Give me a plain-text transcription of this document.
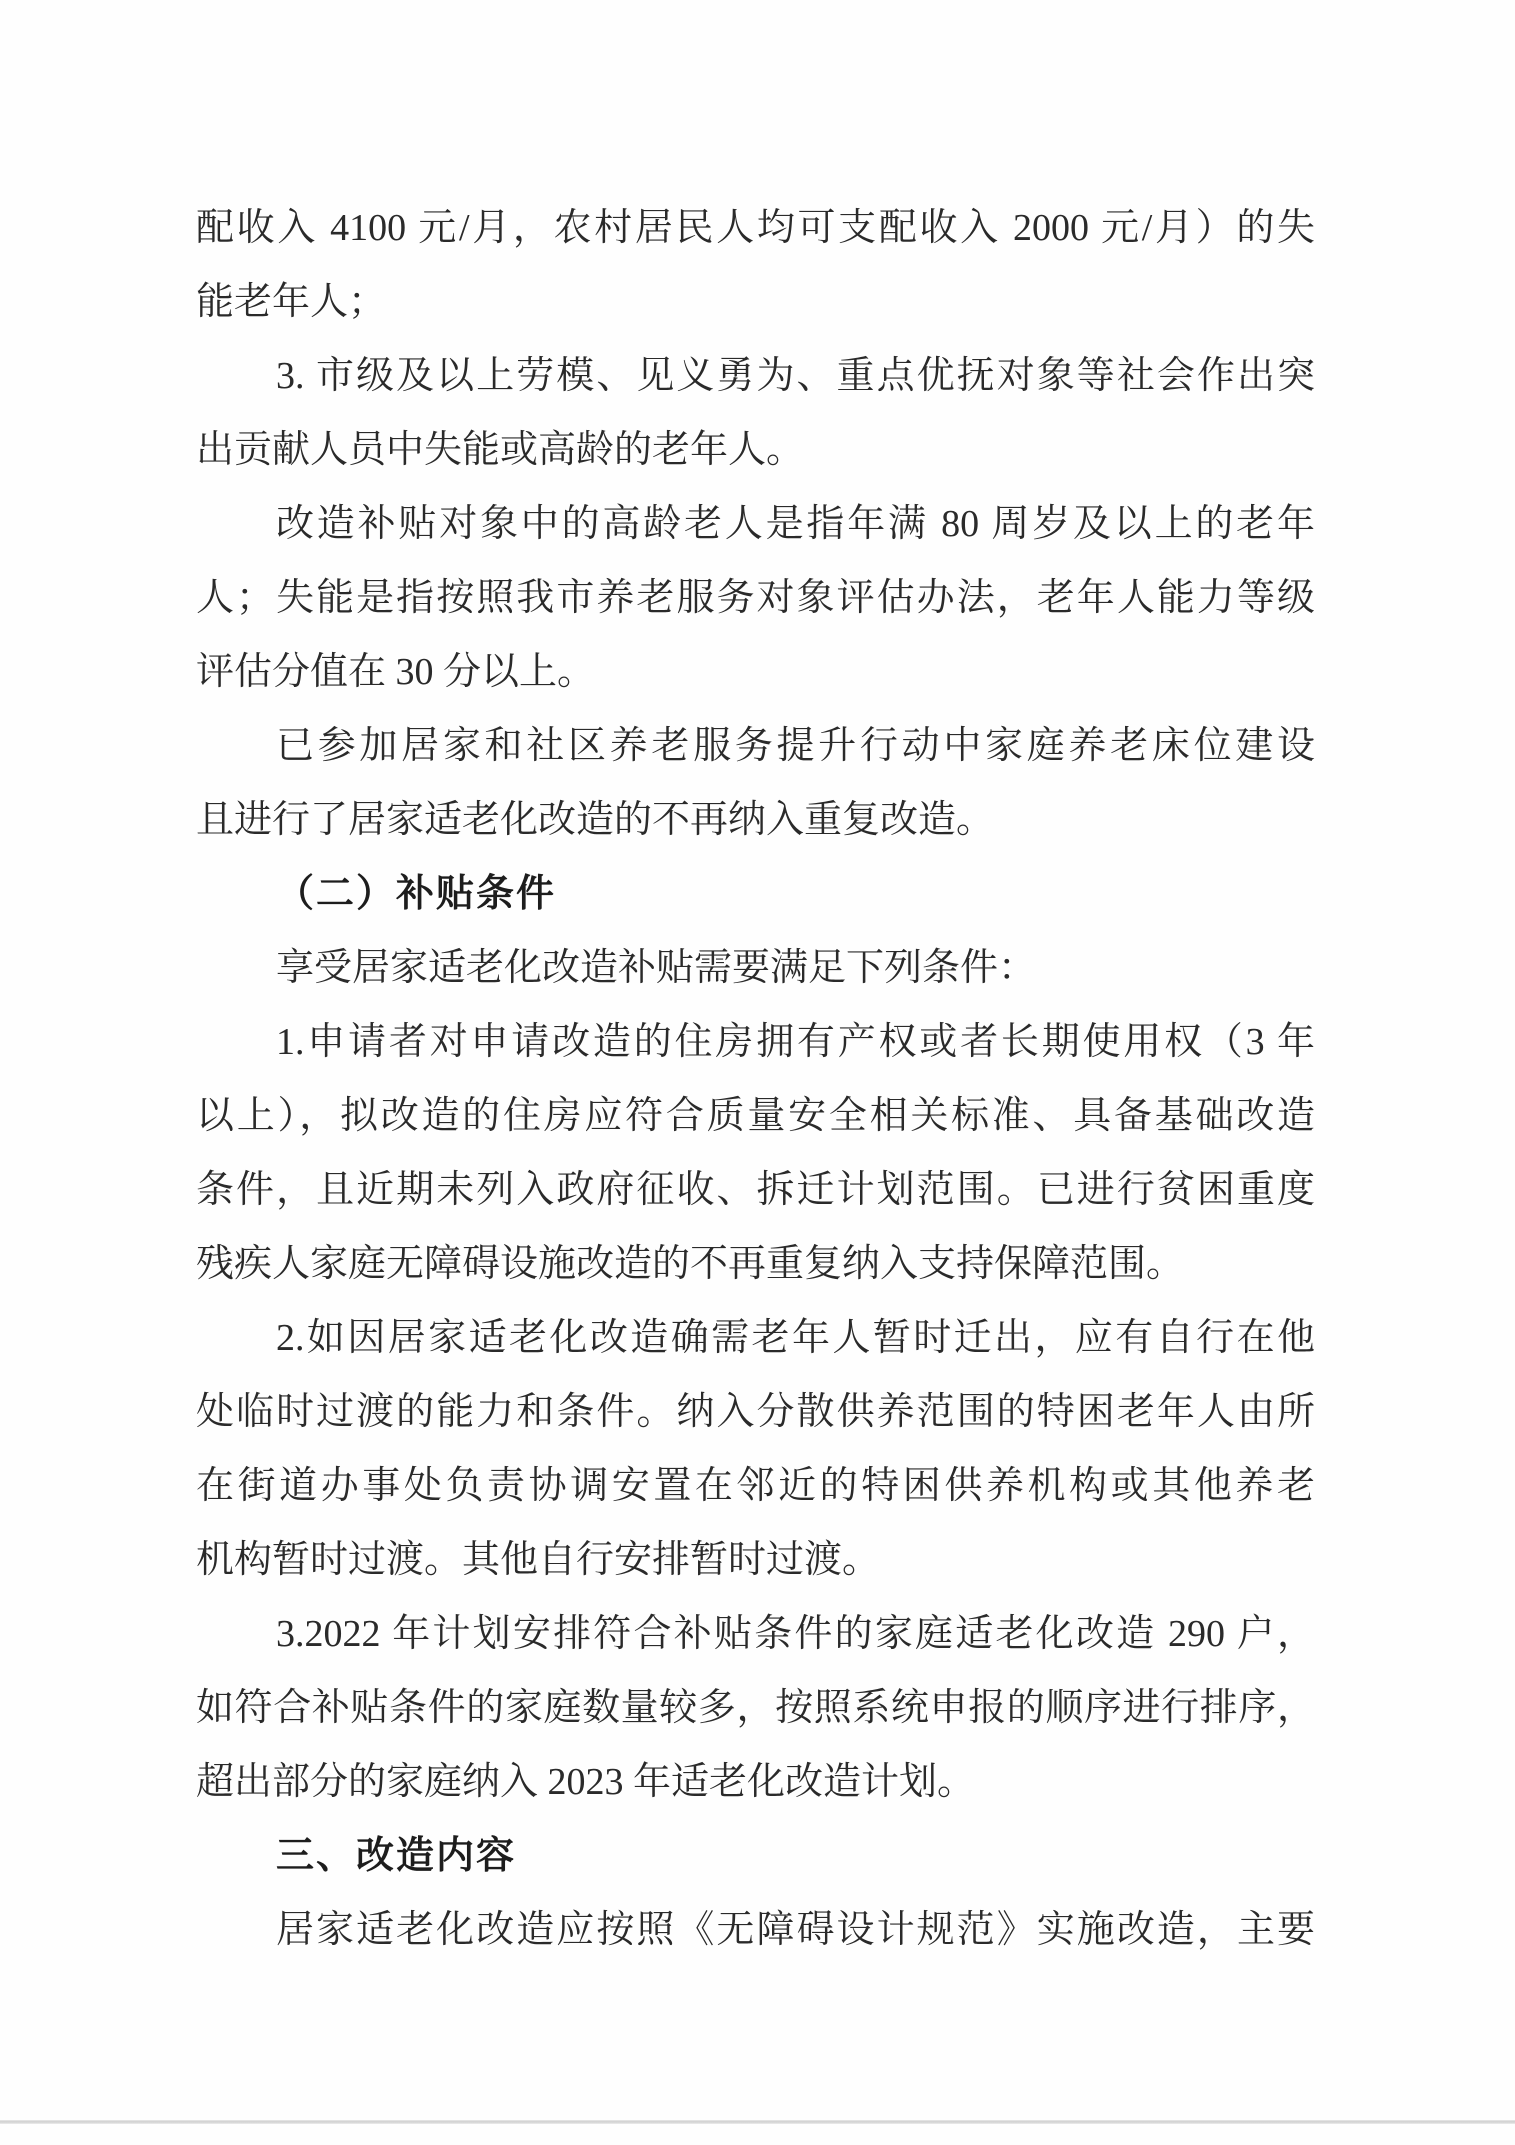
配收入 4100 元/月，农村居民人均可支配收入 2000 元/月）的失
能老年人；
3. 市级及以上劳模、见义勇为、重点优抚对象等社会作出突
出贡献人员中失能或高龄的老年人。
改造补贴对象中的高龄老人是指年满 80 周岁及以上的老年
人；失能是指按照我市养老服务对象评估办法，老年人能力等级
评估分值在 30 分以上。
已参加居家和社区养老服务提升行动中家庭养老床位建设
且进行了居家适老化改造的不再纳入重复改造。
（二）补贴条件
享受居家适老化改造补贴需要满足下列条件：
1.申请者对申请改造的住房拥有产权或者长期使用权（3 年
以上），拟改造的住房应符合质量安全相关标准、具备基础改造
条件，且近期未列入政府征收、拆迁计划范围。已进行贫困重度
残疾人家庭无障碍设施改造的不再重复纳入支持保障范围。
2.如因居家适老化改造确需老年人暂时迁出，应有自行在他
处临时过渡的能力和条件。纳入分散供养范围的特困老年人由所
在街道办事处负责协调安置在邻近的特困供养机构或其他养老
机构暂时过渡。其他自行安排暂时过渡。
3.2022 年计划安排符合补贴条件的家庭适老化改造 290 户，
如符合补贴条件的家庭数量较多，按照系统申报的顺序进行排序，
超出部分的家庭纳入 2023 年适老化改造计划。
三、改造内容
居家适老化改造应按照《无障碍设计规范》实施改造，主要
